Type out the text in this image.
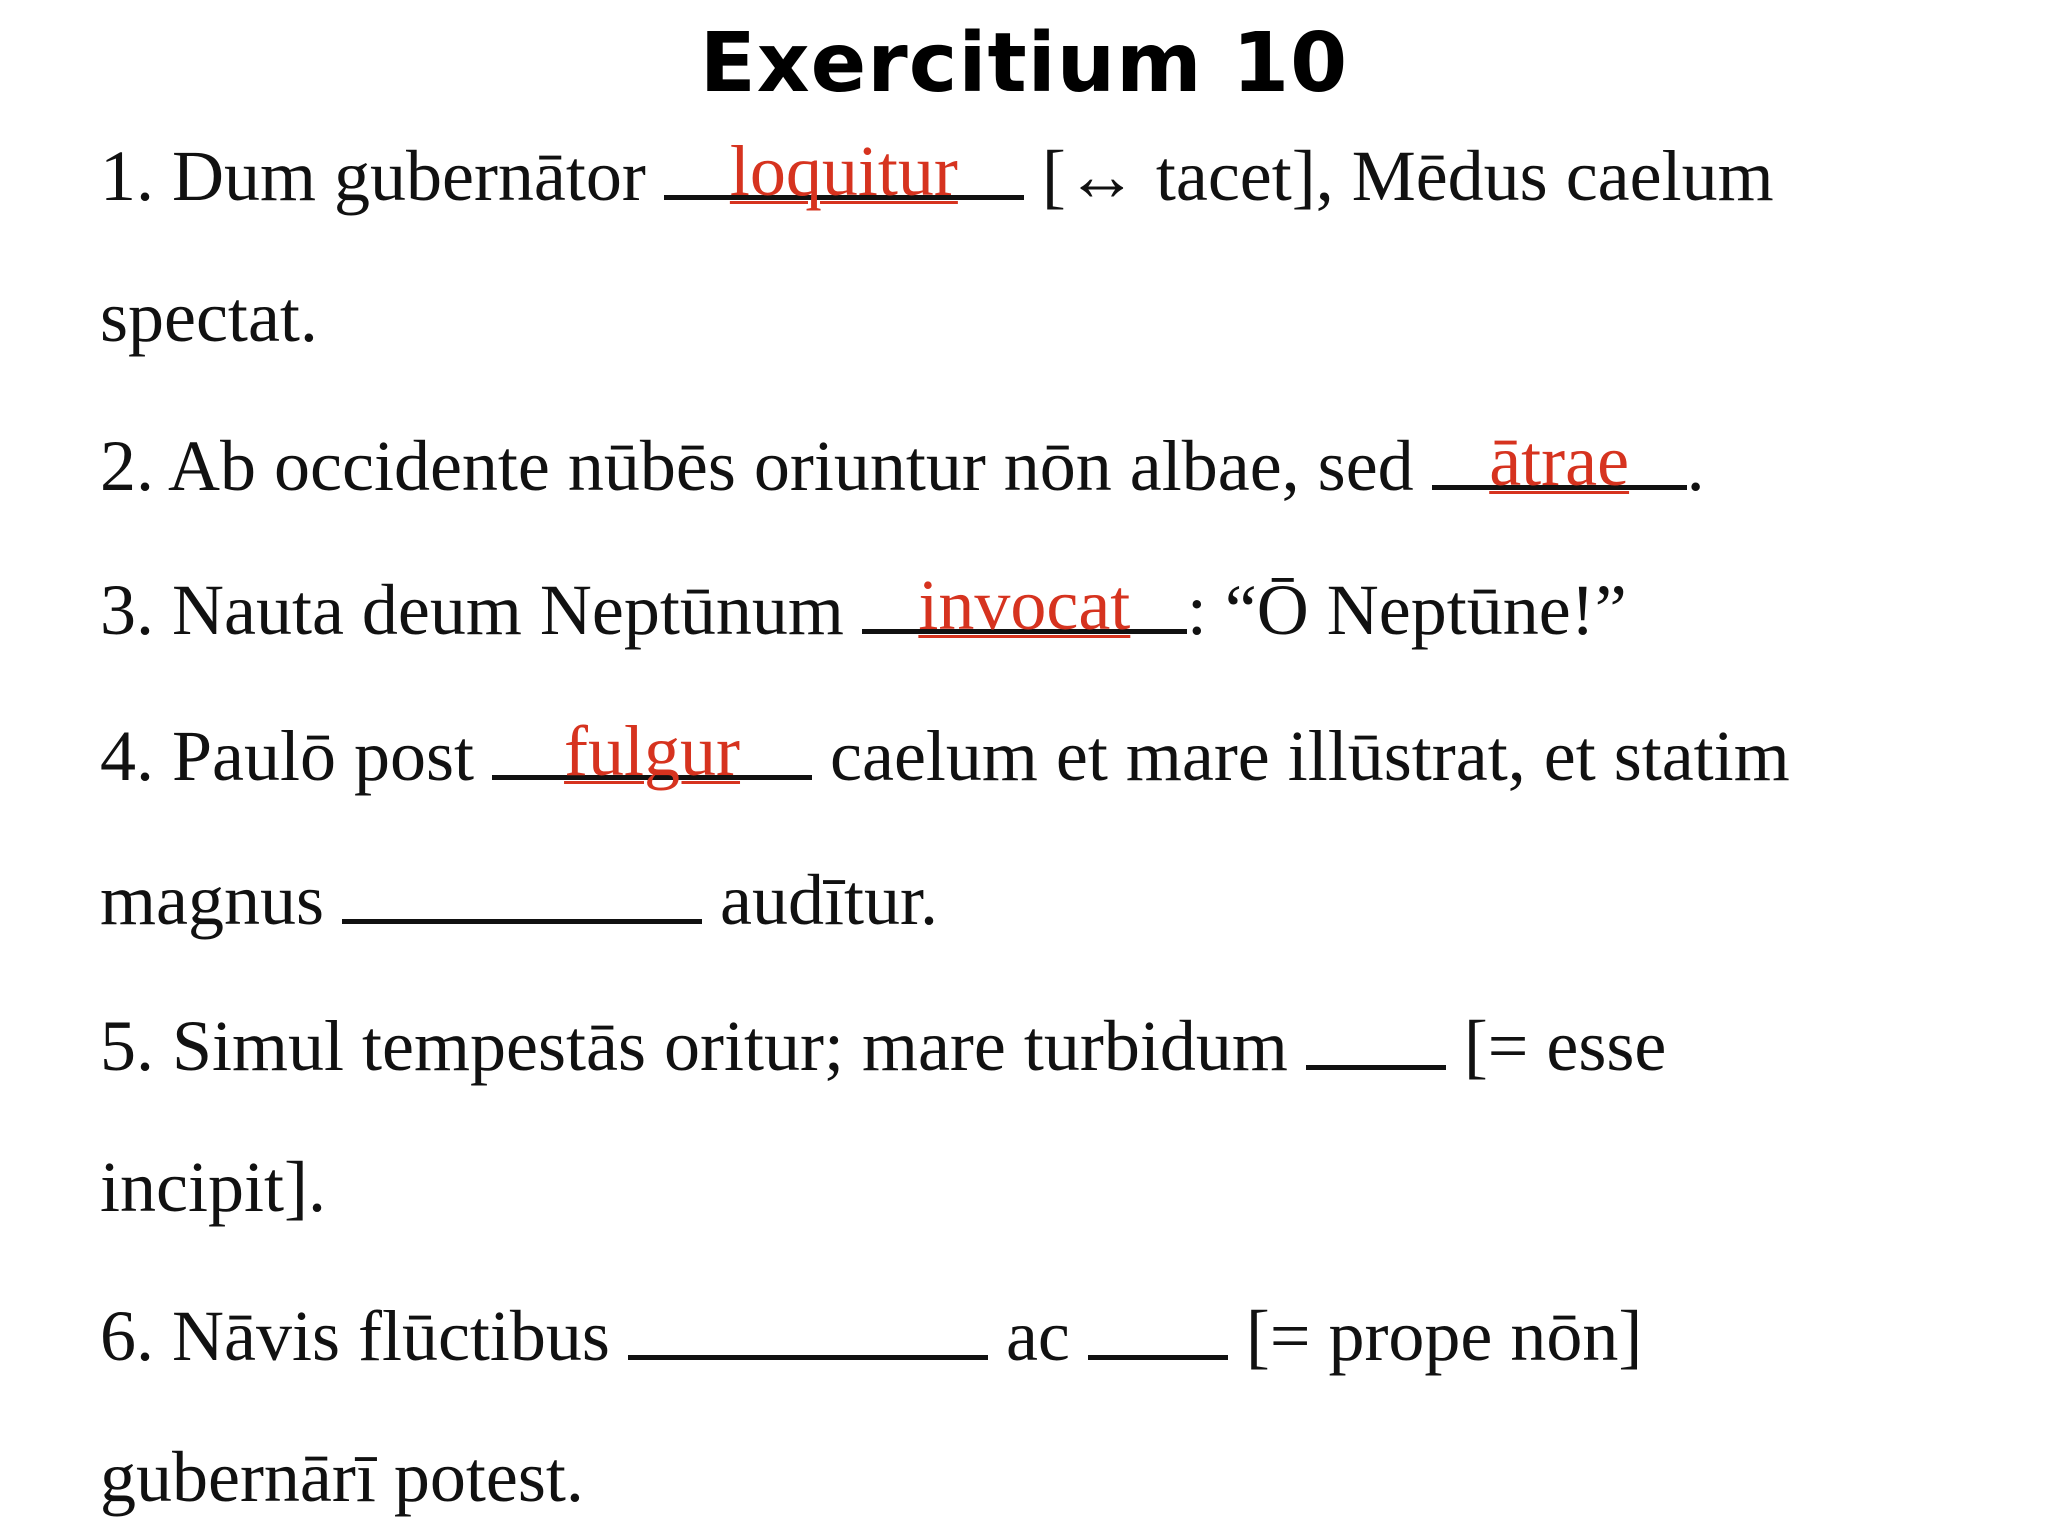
Exercitium 10
1. Dum gubernātor loquitur [↔ tacet], Mēdus caelum
spectat.
2. Ab occidente nūbēs oriuntur nōn albae, sed ātrae .
3. Nauta deum Neptūnum invocat : “Ō Neptūne!”
4. Paulō post	fulgur	caelum et mare illūstrat, et statim
magnus	audītur.
5. Simul tempestās oritur; mare turbidum  [= esse
incipit].
6. Nāvis flūctibus	ac  [= prope nōn]
gubernārī potest.
